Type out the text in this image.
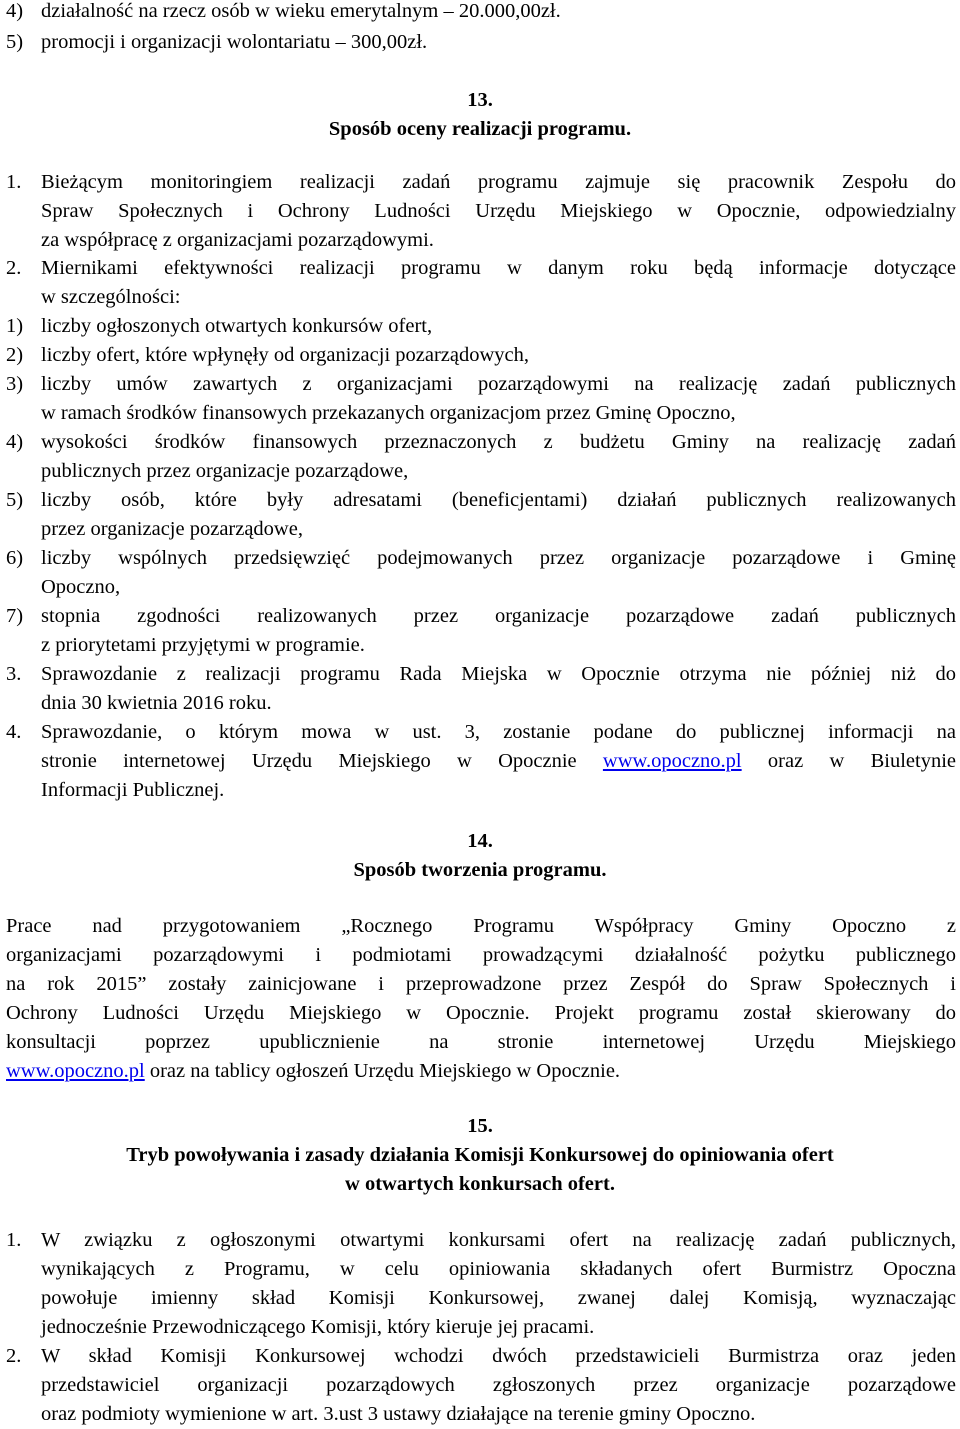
4) działalność na rzecz osób w wieku emerytalnym – 20.000,00zł.
5) promocji i organizacji wolontariatu – 300,00zł.
13.
Sposób oceny realizacji programu.
1. Bieżącym monitoringiem realizacji zadań programu zajmuje się pracownik Zespołu do
Spraw Społecznych i Ochrony Ludności Urzędu Miejskiego w Opocznie, odpowiedzialny
za współpracę z organizacjami pozarządowymi.
2. Miernikami efektywności realizacji programu w danym roku będą informacje dotyczące
w szczególności:
1) liczby ogłoszonych otwartych konkursów ofert,
2) liczby ofert, które wpłynęły od organizacji pozarządowych,
3) liczby umów zawartych z organizacjami pozarządowymi na realizację zadań publicznych
w ramach środków finansowych przekazanych organizacjom przez Gminę Opoczno,
4) wysokości środków finansowych przeznaczonych z budżetu Gminy na realizację zadań
publicznych przez organizacje pozarządowe,
5) liczby osób, które były adresatami (beneficjentami) działań publicznych realizowanych
przez organizacje pozarządowe,
6) liczby wspólnych przedsięwzięć podejmowanych przez organizacje pozarządowe i Gminę
Opoczno,
7) stopnia zgodności realizowanych przez organizacje pozarządowe zadań publicznych
z priorytetami przyjętymi w programie.
3. Sprawozdanie z realizacji programu Rada Miejska w Opocznie otrzyma nie później niż do
dnia 30 kwietnia 2016 roku.
4. Sprawozdanie, o którym mowa w ust. 3, zostanie podane do publicznej informacji na
stronie internetowej Urzędu Miejskiego w Opocznie www.opoczno.pl oraz w Biuletynie
Informacji Publicznej.
14.
Sposób tworzenia programu.
Prace nad przygotowaniem „Rocznego Programu Współpracy Gminy Opoczno z
organizacjami pozarządowymi i podmiotami prowadzącymi działalność pożytku publicznego
na rok 2015” zostały zainicjowane i przeprowadzone przez Zespół do Spraw Społecznych i
Ochrony Ludności Urzędu Miejskiego w Opocznie. Projekt programu został skierowany do
konsultacji poprzez upublicznienie na stronie internetowej Urzędu Miejskiego
www.opoczno.pl oraz na tablicy ogłoszeń Urzędu Miejskiego w Opocznie.
15.
Tryb powoływania i zasady działania Komisji Konkursowej do opiniowania ofert
w otwartych konkursach ofert.
1. W związku z ogłoszonymi otwartymi konkursami ofert na realizację zadań publicznych,
wynikających z Programu, w celu opiniowania składanych ofert Burmistrz Opoczna
powołuje imienny skład Komisji Konkursowej, zwanej dalej Komisją, wyznaczając
jednocześnie Przewodniczącego Komisji, który kieruje jej pracami.
2. W skład Komisji Konkursowej wchodzi dwóch przedstawicieli Burmistrza oraz jeden
przedstawiciel organizacji pozarządowych zgłoszonych przez organizacje pozarządowe
oraz podmioty wymienione w art. 3.ust 3 ustawy działające na terenie gminy Opoczno.
